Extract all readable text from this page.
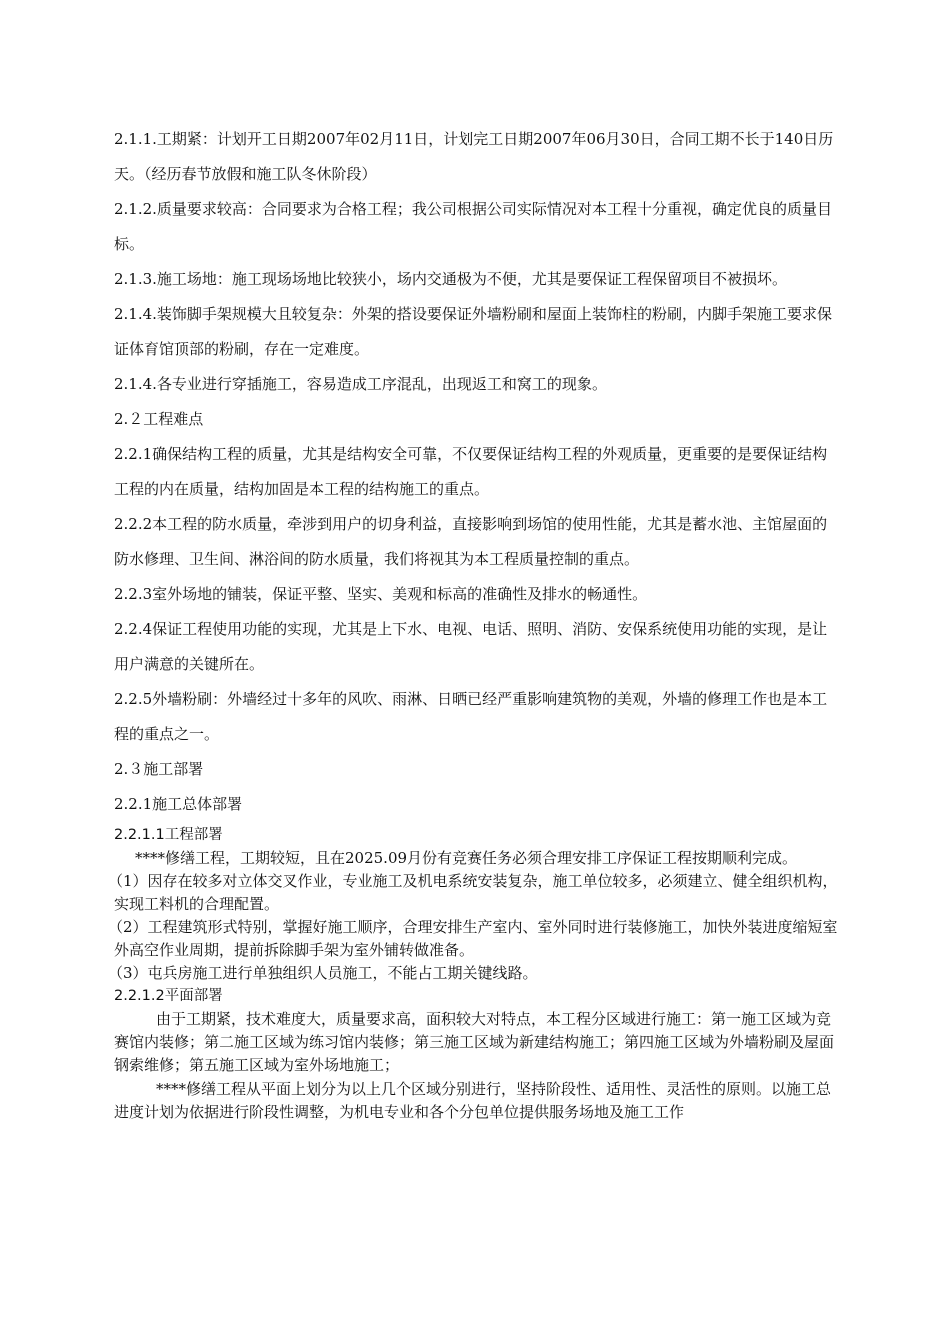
2.1.1.工期紧：计划开工日期2007年02月11日，计划完工日期2007年06月30日，合同工期不长于140日历天。（经历春节放假和施工队冬休阶段）

2.1.2.质量要求较高：合同要求为合格工程；我公司根据公司实际情况对本工程十分重视，确定优良的质量目标。

2.1.3.施工场地：施工现场场地比较狭小，场内交通极为不便，尤其是要保证工程保留项目不被损坏。

2.1.4.装饰脚手架规模大且较复杂：外架的搭设要保证外墙粉刷和屋面上装饰柱的粉刷，内脚手架施工要求保证体育馆顶部的粉刷，存在一定难度。

2.1.4.各专业进行穿插施工，容易造成工序混乱，出现返工和窝工的现象。

2.２工程难点

2.2.1确保结构工程的质量，尤其是结构安全可靠，不仅要保证结构工程的外观质量，更重要的是要保证结构工程的内在质量，结构加固是本工程的结构施工的重点。

2.2.2本工程的防水质量，牵涉到用户的切身利益，直接影响到场馆的使用性能，尤其是蓄水池、主馆屋面的防水修理、卫生间、淋浴间的防水质量，我们将视其为本工程质量控制的重点。

2.2.3室外场地的铺装，保证平整、坚实、美观和标高的准确性及排水的畅通性。

2.2.4保证工程使用功能的实现，尤其是上下水、电视、电话、照明、消防、安保系统使用功能的实现，是让用户满意的关键所在。

2.2.5外墙粉刷：外墙经过十多年的风吹、雨淋、日晒已经严重影响建筑物的美观，外墙的修理工作也是本工程的重点之一。

2.３施工部署

2.2.1施工总体部署

2.2.1.1工程部署

****修缮工程，工期较短，且在2025.09月份有竞赛任务必须合理安排工序保证工程按期顺利完成。

（1）因存在较多对立体交叉作业，专业施工及机电系统安装复杂，施工单位较多，必须建立、健全组织机构，实现工料机的合理配置。

（2）工程建筑形式特别，掌握好施工顺序，合理安排生产室内、室外同时进行装修施工，加快外装进度缩短室外高空作业周期，提前拆除脚手架为室外铺转做准备。

（3）屯兵房施工进行单独组织人员施工，不能占工期关键线路。

2.2.1.2平面部署

由于工期紧，技术难度大，质量要求高，面积较大对特点，本工程分区域进行施工：第一施工区域为竞赛馆内装修；第二施工区域为练习馆内装修；第三施工区域为新建结构施工；第四施工区域为外墙粉刷及屋面钢索维修；第五施工区域为室外场地施工；

****修缮工程从平面上划分为以上几个区域分别进行，坚持阶段性、适用性、灵活性的原则。以施工总进度计划为依据进行阶段性调整，为机电专业和各个分包单位提供服务场地及施工工作
